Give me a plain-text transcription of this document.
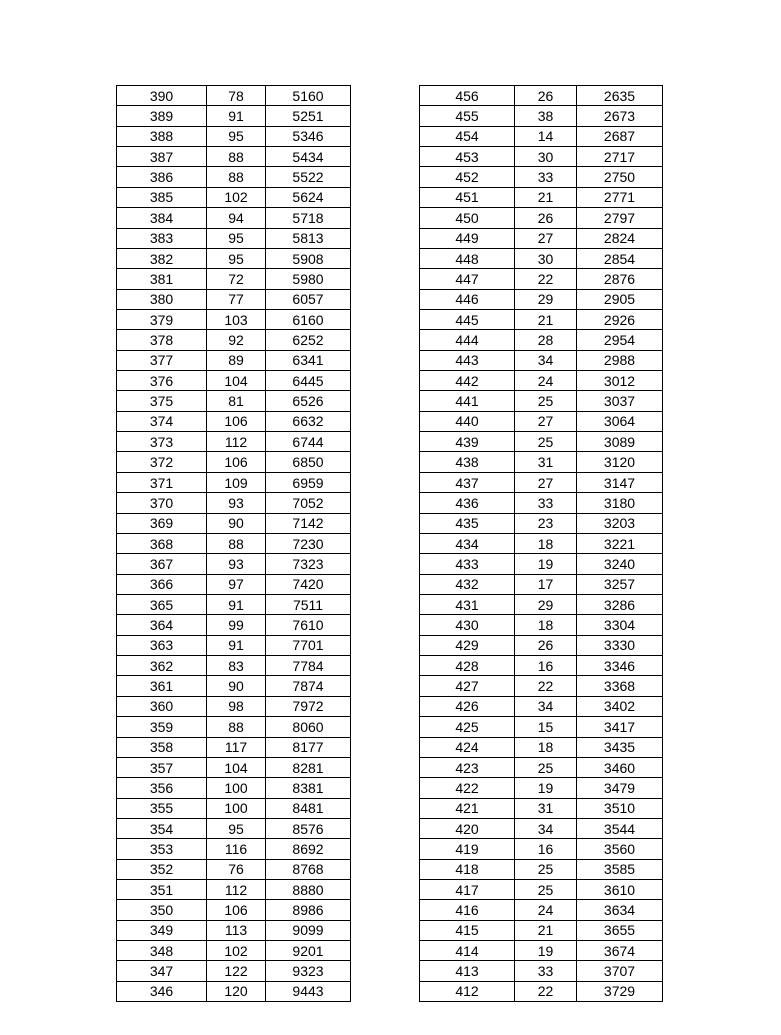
390	78	5160
389	91	5251
388	95	5346
387	88	5434
386	88	5522
385	102	5624
384	94	5718
383	95	5813
382	95	5908
381	72	5980
380	77	6057
379	103	6160
378	92	6252
377	89	6341
376	104	6445
375	81	6526
374	106	6632
373	112	6744
372	106	6850
371	109	6959
370	93	7052
369	90	7142
368	88	7230
367	93	7323
366	97	7420
365	91	7511
364	99	7610
363	91	7701
362	83	7784
361	90	7874
360	98	7972
359	88	8060
358	117	8177
357	104	8281
356	100	8381
355	100	8481
354	95	8576
353	116	8692
352	76	8768
351	112	8880
350	106	8986
349	113	9099
348	102	9201
347	122	9323
346	120	9443
456	26	2635
455	38	2673
454	14	2687
453	30	2717
452	33	2750
451	21	2771
450	26	2797
449	27	2824
448	30	2854
447	22	2876
446	29	2905
445	21	2926
444	28	2954
443	34	2988
442	24	3012
441	25	3037
440	27	3064
439	25	3089
438	31	3120
437	27	3147
436	33	3180
435	23	3203
434	18	3221
433	19	3240
432	17	3257
431	29	3286
430	18	3304
429	26	3330
428	16	3346
427	22	3368
426	34	3402
425	15	3417
424	18	3435
423	25	3460
422	19	3479
421	31	3510
420	34	3544
419	16	3560
418	25	3585
417	25	3610
416	24	3634
415	21	3655
414	19	3674
413	33	3707
412	22	3729
